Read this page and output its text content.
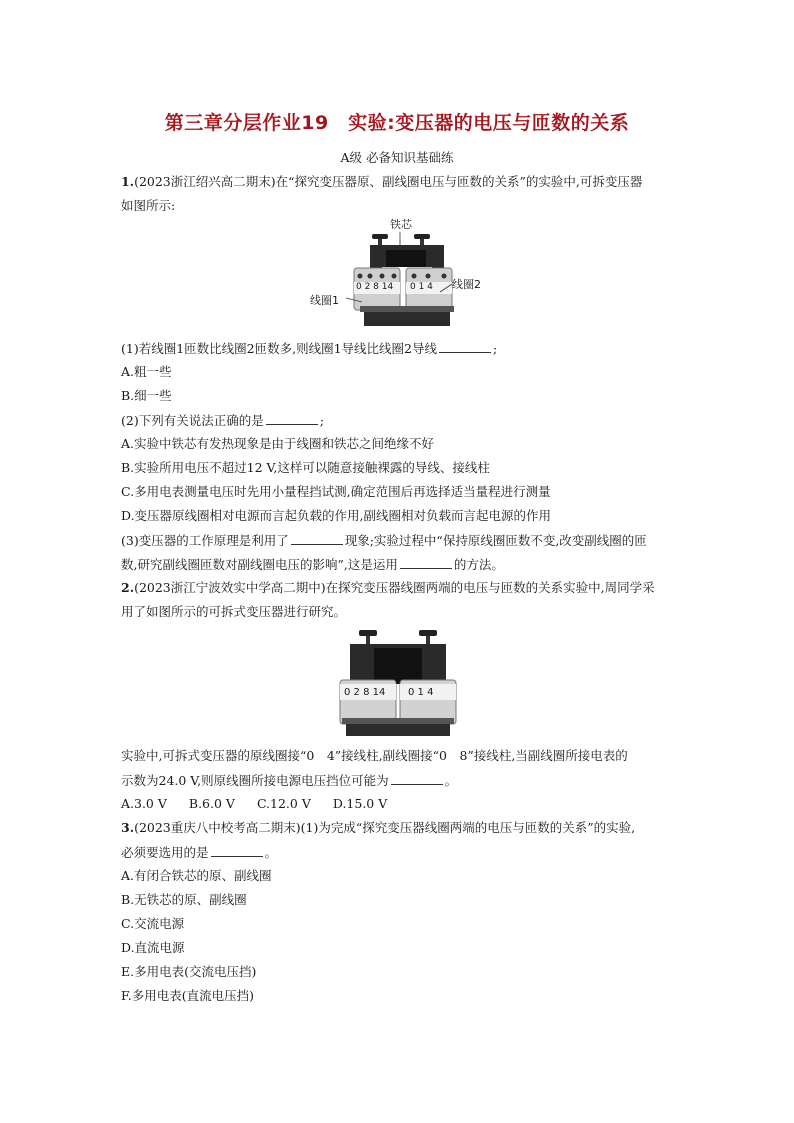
第三章分层作业19　实验:变压器的电压与匝数的关系
A级 必备知识基础练
1.(2023浙江绍兴高二期末)在“探究变压器原、副线圈电压与匝数的关系”的实验中,可拆变压器
如图所示:
铁芯
线圈1
线圈2
0 2 8 14 0 1 4
(1)若线圈1匝数比线圈2匝数多,则线圈1导线比线圈2导线	;
A.粗一些
B.细一些
(2)下列有关说法正确的是	;
A.实验中铁芯有发热现象是由于线圈和铁芯之间绝缘不好
B.实验所用电压不超过12 V,这样可以随意接触裸露的导线、接线柱
C.多用电表测量电压时先用小量程挡试测,确定范围后再选择适当量程进行测量
D.变压器原线圈相对电源而言起负载的作用,副线圈相对负载而言起电源的作用
(3)变压器的工作原理是利用了	现象;实验过程中“保持原线圈匝数不变,改变副线圈的匝
数,研究副线圈匝数对副线圈电压的影响”,这是运用	的方法。
2.(2023浙江宁波效实中学高二期中)在探究变压器线圈两端的电压与匝数的关系实验中,周同学采
用了如图所示的可拆式变压器进行研究。
0 2 8 14 0 1 4
实验中,可拆式变压器的原线圈接“0　4”接线柱,副线圈接“0　8”接线柱,当副线圈所接电表的
示数为24.0 V,则原线圈所接电源电压挡位可能为	。
A.3.0 V B.6.0 V C.12.0 V D.15.0 V
3.(2023重庆八中校考高二期末)(1)为完成“探究变压器线圈两端的电压与匝数的关系”的实验,
必须要选用的是	。
A.有闭合铁芯的原、副线圈
B.无铁芯的原、副线圈
C.交流电源
D.直流电源
E.多用电表(交流电压挡)
F.多用电表(直流电压挡)
